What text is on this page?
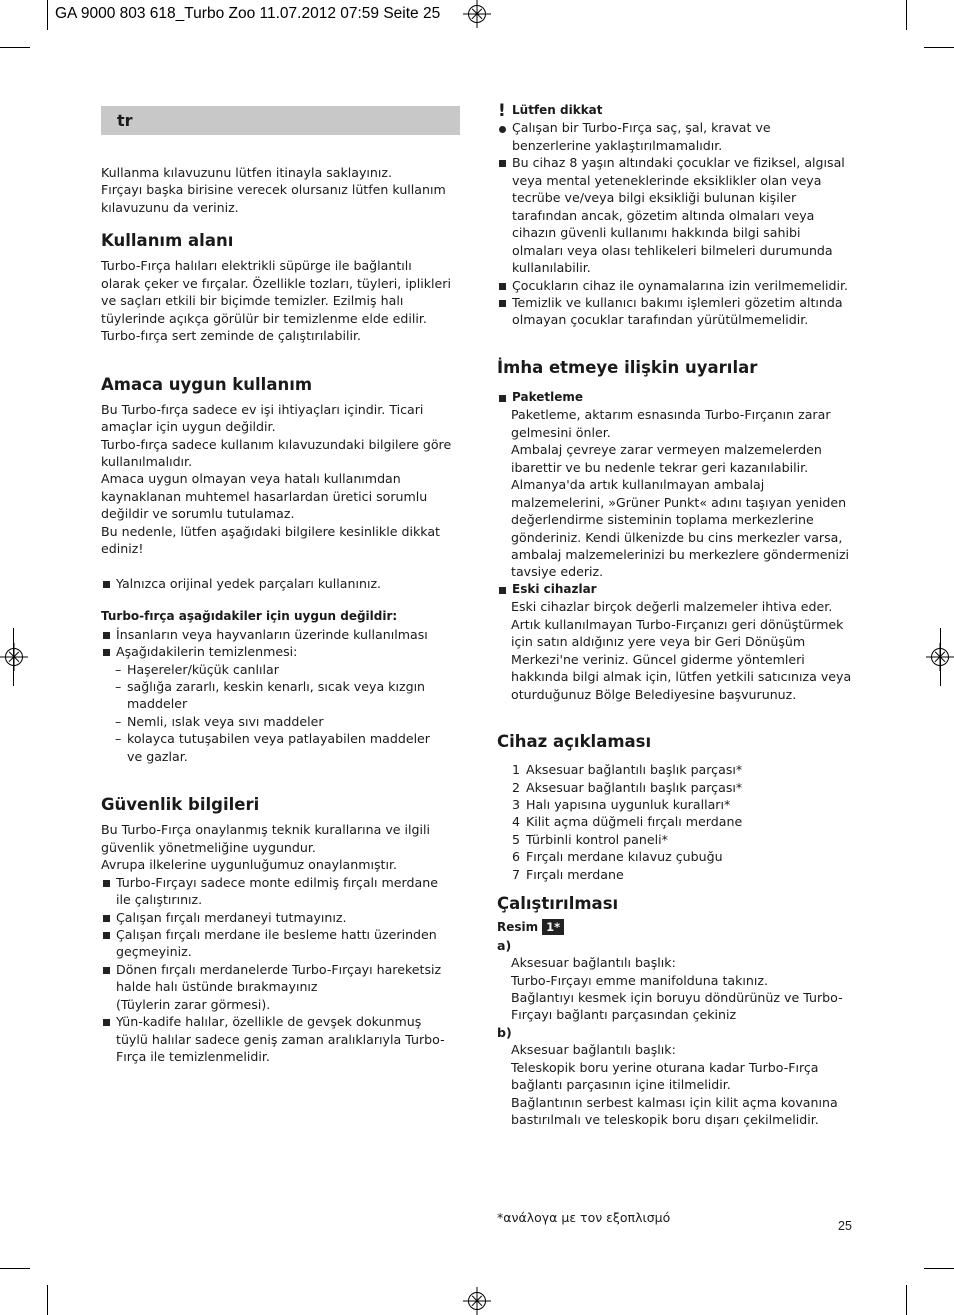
GA 9000 803 618_Turbo Zoo 11.07.2012 07:59 Seite 25
tr

Kullanma kılavuzunu lütfen itinayla saklayınız.
Fırçayı başka birisine verecek olursanız lütfen kullanım
kılavuzunu da veriniz.

Kullanım alanı

Turbo-Fırça halıları elektrikli süpürge ile bağlantılı
olarak çeker ve fırçalar. Özellikle tozları, tüyleri, iplikleri
ve saçları etkili bir biçimde temizler. Ezilmiş halı
tüylerinde açıkça görülür bir temizlenme elde edilir.
Turbo-fırça sert zeminde de çalıştırılabilir.

Amaca uygun kullanım

Bu Turbo-fırça sadece ev işi ihtiyaçları içindir. Ticari
amaçlar için uygun değildir.
Turbo-fırça sadece kullanım kılavuzundaki bilgilere göre
kullanılmalıdır.
Amaca uygun olmayan veya hatalı kullanımdan
kaynaklanan muhtemel hasarlardan üretici sorumlu
değildir ve sorumlu tutulamaz.
Bu nedenle, lütfen aşağıdaki bilgilere kesinlikle dikkat
ediniz!

Yalnızca orijinal yedek parçaları kullanınız.
Turbo-fırça aşağıdakiler için uygun değildir:
İnsanların veya hayvanların üzerinde kullanılması
Aşağıdakilerin temizlenmesi:
– Haşereler/küçük canlılar
– sağlığa zararlı, keskin kenarlı, sıcak veya kızgın
maddeler
– Nemli, ıslak veya sıvı maddeler
– kolayca tutuşabilen veya patlayabilen maddeler
ve gazlar.
Güvenlik bilgileri

Bu Turbo-Fırça onaylanmış teknik kurallarına ve ilgili
güvenlik yönetmeliğine uygundur.
Avrupa ilkelerine uygunluğumuz onaylanmıştır.

Turbo-Fırçayı sadece monte edilmiş fırçalı merdane
ile çalıştırınız.
Çalışan fırçalı merdaneyi tutmayınız.
Çalışan fırçalı merdane ile besleme hattı üzerinden
geçmeyiniz.
Dönen fırçalı merdanelerde Turbo-Fırçayı hareketsiz
halde halı üstünde bırakmayınız
(Tüylerin zarar görmesi).
Yün-kadife halılar, özellikle de gevşek dokunmuş
tüylü halılar sadece geniş zaman aralıklarıyla Turbo-
Fırça ile temizlenmelidir.
! Lütfen dikkat

Çalışan bir Turbo-Fırça saç, şal, kravat ve
benzerlerine yaklaştırılmamalıdır.

Bu cihaz 8 yaşın altındaki çocuklar ve fiziksel, algısal
veya mental yeteneklerinde eksiklikler olan veya
tecrübe ve/veya bilgi eksikliği bulunan kişiler
tarafından ancak, gözetim altında olmaları veya
cihazın güvenli kullanımı hakkında bilgi sahibi
olmaları veya olası tehlikeleri bilmeleri durumunda
kullanılabilir.
Çocukların cihaz ile oynamalarına izin verilmemelidir.
Temizlik ve kullanıcı bakımı işlemleri gözetim altında
olmayan çocuklar tarafından yürütülmemelidir.
İmha etmeye ilişkin uyarılar
Paketleme

Paketleme, aktarım esnasında Turbo-Fırçanın zarar
gelmesini önler.
Ambalaj çevreye zarar vermeyen malzemelerden
ibarettir ve bu nedenle tekrar geri kazanılabilir.
Almanya'da artık kullanılmayan ambalaj
malzemelerini, »Grüner Punkt« adını taşıyan yeniden
değerlendirme sisteminin toplama merkezlerine
gönderiniz. Kendi ülkenizde bu cins merkezler varsa,
ambalaj malzemelerinizi bu merkezlere göndermenizi
tavsiye ederiz.

Eski cihazlar

Eski cihazlar birçok değerli malzemeler ihtiva eder.
Artık kullanılmayan Turbo-Fırçanızı geri dönüştürmek
için satın aldığınız yere veya bir Geri Dönüşüm
Merkezi'ne veriniz. Güncel giderme yöntemleri
hakkında bilgi almak için, lütfen yetkili satıcınıza veya
oturduğunuz Bölge Belediyesine başvurunuz.

Cihaz açıklaması
1 Aksesuar bağlantılı başlık parçası*
2 Aksesuar bağlantılı başlık parçası*
3 Halı yapısına uygunluk kuralları*
4 Kilit açma düğmeli fırçalı merdane
5 Türbinli kontrol paneli*
6 Fırçalı merdane kılavuz çubuğu
7 Fırçalı merdane
Çalıştırılması
Resim 1*

a)
Aksesuar bağlantılı başlık:

Turbo-Fırçayı emme manifolduna takınız.
Bağlantıyı kesmek için boruyu döndürünüz ve Turbo-
Fırçayı bağlantı parçasından çekiniz

b)
Aksesuar bağlantılı başlık:

Teleskopik boru yerine oturana kadar Turbo-Fırça
bağlantı parçasının içine itilmelidir.
Bağlantının serbest kalması için kilit açma kovanına
bastırılmalı ve teleskopik boru dışarı çekilmelidir.

*ανάλογα με τον εξοπλισμό
25
